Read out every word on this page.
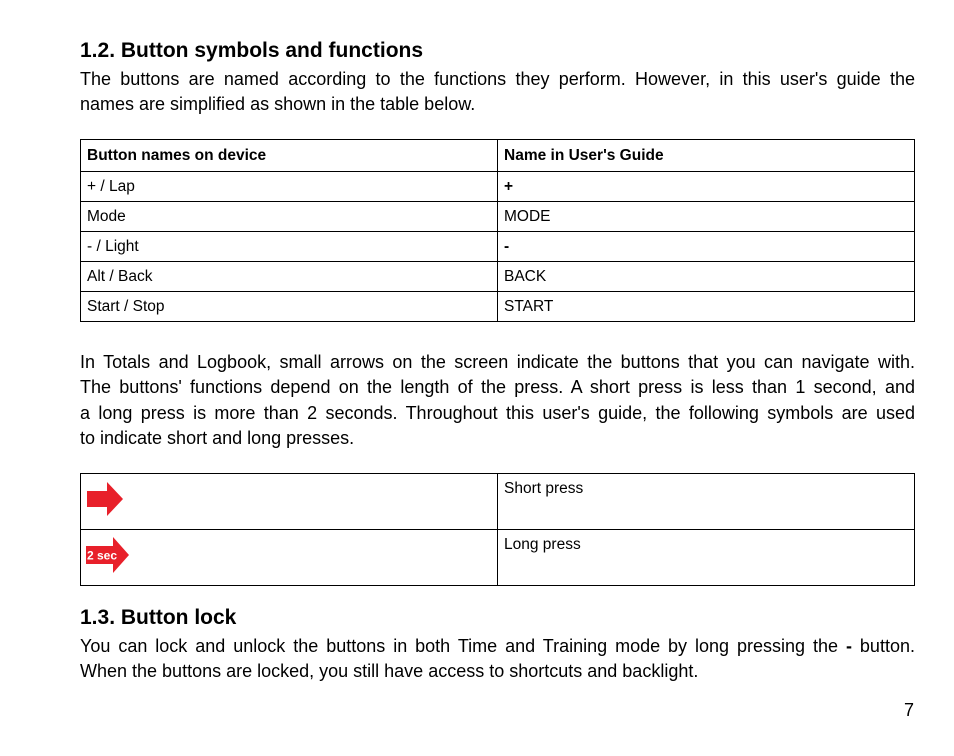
1.2. Button symbols and functions

The buttons are named according to the functions they perform. However, in this user's guide the
names are simplified as shown in the table below.

Button names on device	Name in User's Guide
+ / Lap	+
Mode	MODE
- / Light	-
Alt / Back	BACK
Start / Stop	START

In Totals and Logbook, small arrows on the screen indicate the buttons that you can navigate with.
The buttons' functions depend on the length of the press. A short press is less than 1 second, and
a long press is more than 2 seconds. Throughout this user's guide, the following symbols are used
to indicate short and long presses.

	Short press

2 sec	Long press
1.3. Button lock

You can lock and unlock the buttons in both Time and Training mode by long pressing the - button.
When the buttons are locked, you still have access to shortcuts and backlight.

7
